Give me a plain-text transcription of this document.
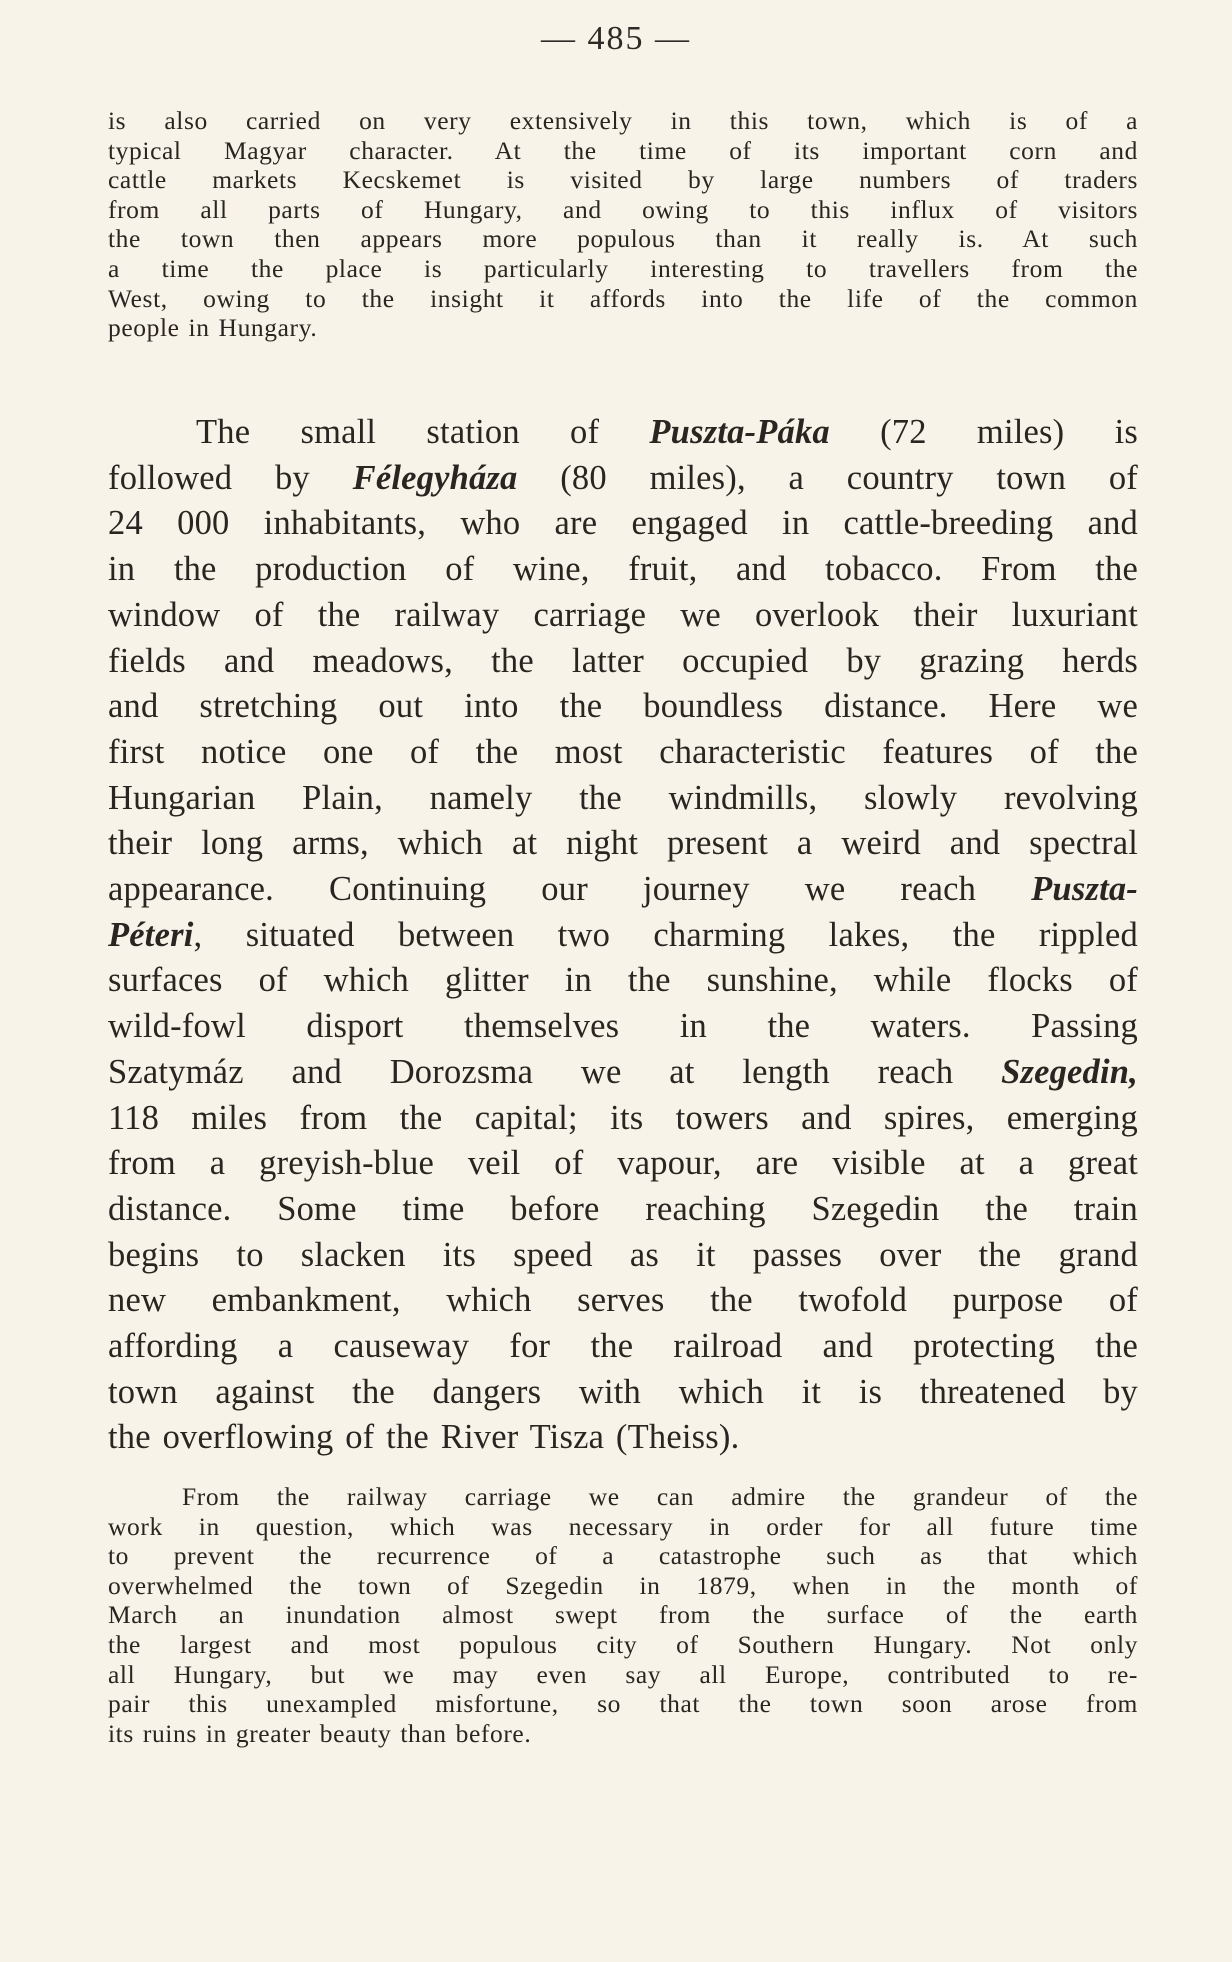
— 485 —
is also carried on very extensively in this town, which is of a
typical Magyar character. At the time of its important corn and
cattle markets Kecskemet is visited by large numbers of traders
from all parts of Hungary, and owing to this influx of visitors
the town then appears more populous than it really is. At such
a time the place is particularly interesting to travellers from the
West, owing to the insight it affords into the life of the common
people in Hungary.
The small station of Puszta-Páka (72 miles) is
followed by Félegyháza (80 miles), a country town of
24 000 inhabitants, who are engaged in cattle-breeding and
in the production of wine, fruit, and tobacco. From the
window of the railway carriage we overlook their luxuriant
fields and meadows, the latter occupied by grazing herds
and stretching out into the boundless distance. Here we
first notice one of the most characteristic features of the
Hungarian Plain, namely the windmills, slowly revolving
their long arms, which at night present a weird and spectral
appearance. Continuing our journey we reach Puszta-
Péteri, situated between two charming lakes, the rippled
surfaces of which glitter in the sunshine, while flocks of
wild-fowl disport themselves in the waters. Passing
Szatymáz and Dorozsma we at length reach Szegedin,
118 miles from the capital; its towers and spires, emerging
from a greyish-blue veil of vapour, are visible at a great
distance. Some time before reaching Szegedin the train
begins to slacken its speed as it passes over the grand
new embankment, which serves the twofold purpose of
affording a causeway for the railroad and protecting the
town against the dangers with which it is threatened by
the overflowing of the River Tisza (Theiss).
From the railway carriage we can admire the grandeur of the
work in question, which was necessary in order for all future time
to prevent the recurrence of a catastrophe such as that which
overwhelmed the town of Szegedin in 1879, when in the month of
March an inundation almost swept from the surface of the earth
the largest and most populous city of Southern Hungary. Not only
all Hungary, but we may even say all Europe, contributed to re-
pair this unexampled misfortune, so that the town soon arose from
its ruins in greater beauty than before.
